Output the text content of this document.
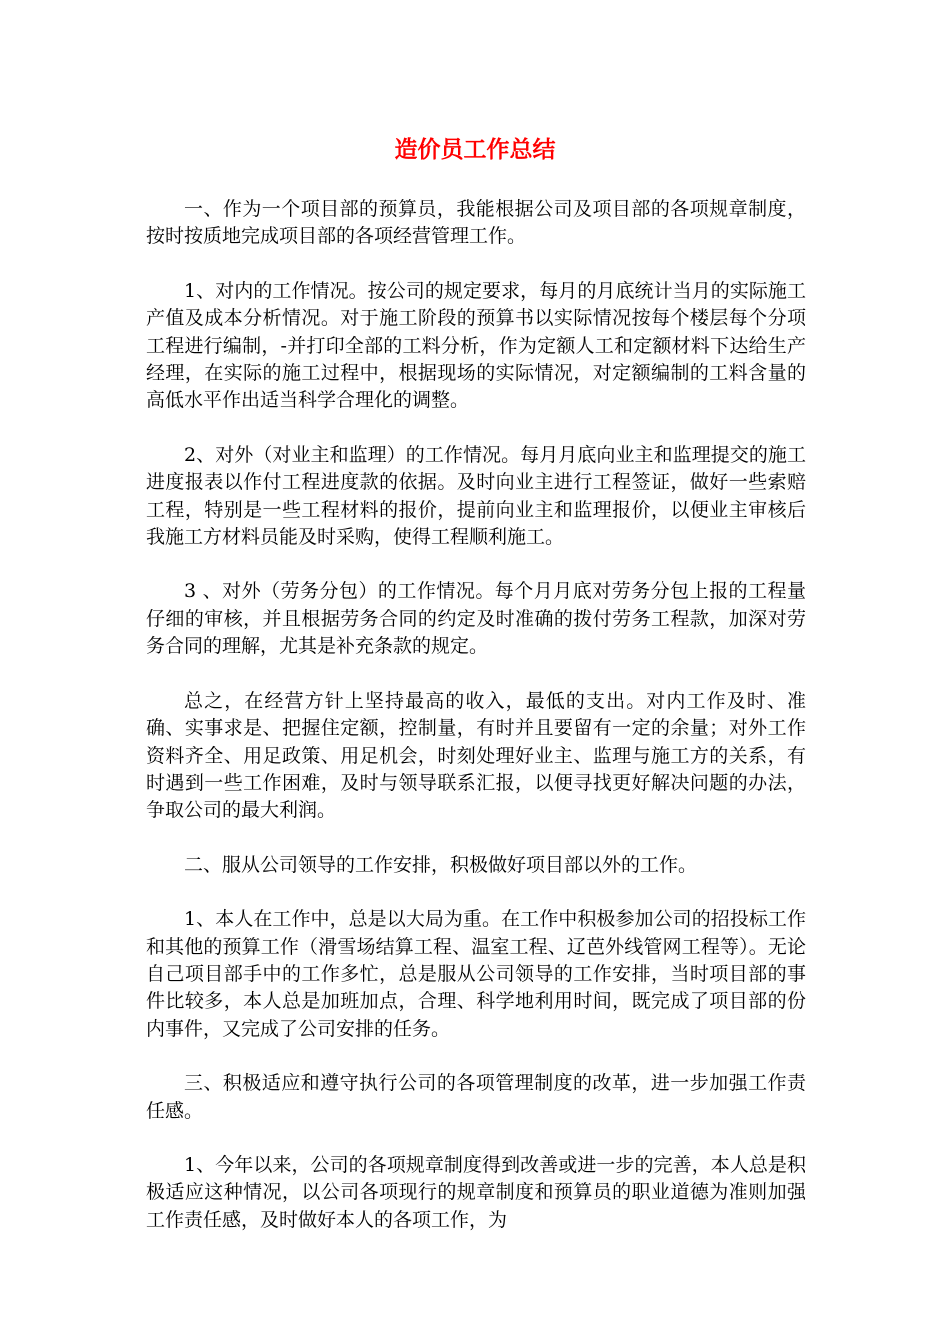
造价员工作总结

一、作为一个项目部的预算员，我能根据公司及项目部的各项规章制度，按时按质地完成项目部的各项经营管理工作。

1、对内的工作情况。按公司的规定要求，每月的月底统计当月的实际施工产值及成本分析情况。对于施工阶段的预算书以实际情况按每个楼层每个分项工程进行编制，-并打印全部的工料分析，作为定额人工和定额材料下达给生产经理，在实际的施工过程中，根据现场的实际情况，对定额编制的工料含量的高低水平作出适当科学合理化的调整。

2、对外（对业主和监理）的工作情况。每月月底向业主和监理提交的施工进度报表以作付工程进度款的依据。及时向业主进行工程签证，做好一些索赔工程，特别是一些工程材料的报价，提前向业主和监理报价，以便业主审核后 我施工方材料员能及时采购，使得工程顺利施工。

3 、对外（劳务分包）的工作情况。每个月月底对劳务分包上报的工程量仔细的审核，并且根据劳务合同的约定及时准确的拨付劳务工程款，加深对劳务合同的理解，尤其是补充条款的规定。

总之，在经营方针上坚持最高的收入，最低的支出。对内工作及时、准确、实事求是、把握住定额，控制量，有时并且要留有一定的余量；对外工作资料齐全、用足政策、用足机会，时刻处理好业主、监理与施工方的关系，有时遇到一些工作困难，及时与领导联系汇报，以便寻找更好解决问题的办法，争取公司的最大利润。

二、服从公司领导的工作安排，积极做好项目部以外的工作。

1、本人在工作中，总是以大局为重。在工作中积极参加公司的招投标工作和其他的预算工作（滑雪场结算工程、温室工程、辽芭外线管网工程等）。无论自己项目部手中的工作多忙，总是服从公司领导的工作安排，当时项目部的事件比较多，本人总是加班加点，合理、科学地利用时间，既完成了项目部的份内事件，又完成了公司安排的任务。

三、积极适应和遵守执行公司的各项管理制度的改革，进一步加强工作责任感。

1、今年以来，公司的各项规章制度得到改善或进一步的完善，本人总是积极适应这种情况，以公司各项现行的规章制度和预算员的职业道德为准则加强工作责任感，及时做好本人的各项工作，为
